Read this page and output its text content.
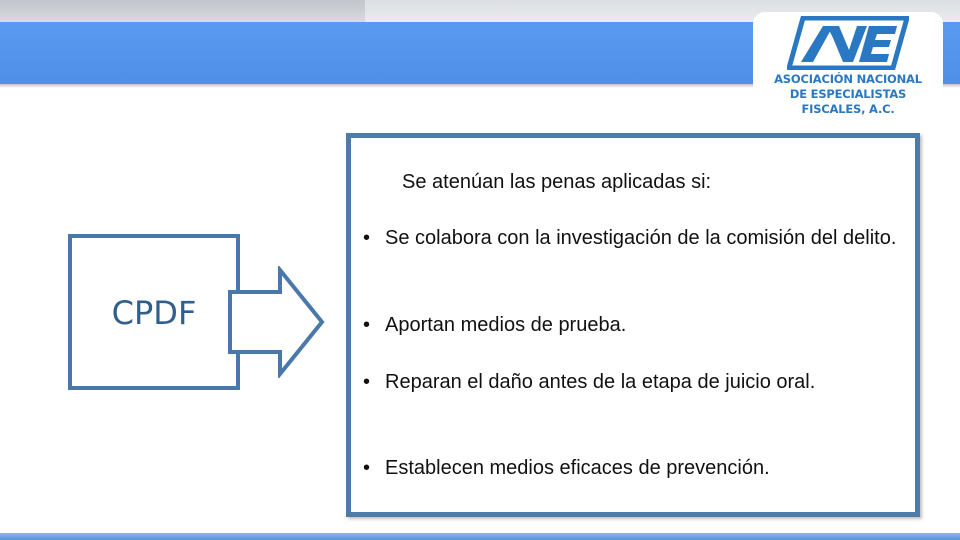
ASOCIACIÓN NACIONAL
DE ESPECIALISTAS
FISCALES, A.C.
CPDF
Se atenúan las penas aplicadas si:
• Se colabora con la investigación de la comisión del delito.
• Aportan medios de prueba.
• Reparan el daño antes de la etapa de juicio oral.
• Establecen medios eficaces de prevención.
